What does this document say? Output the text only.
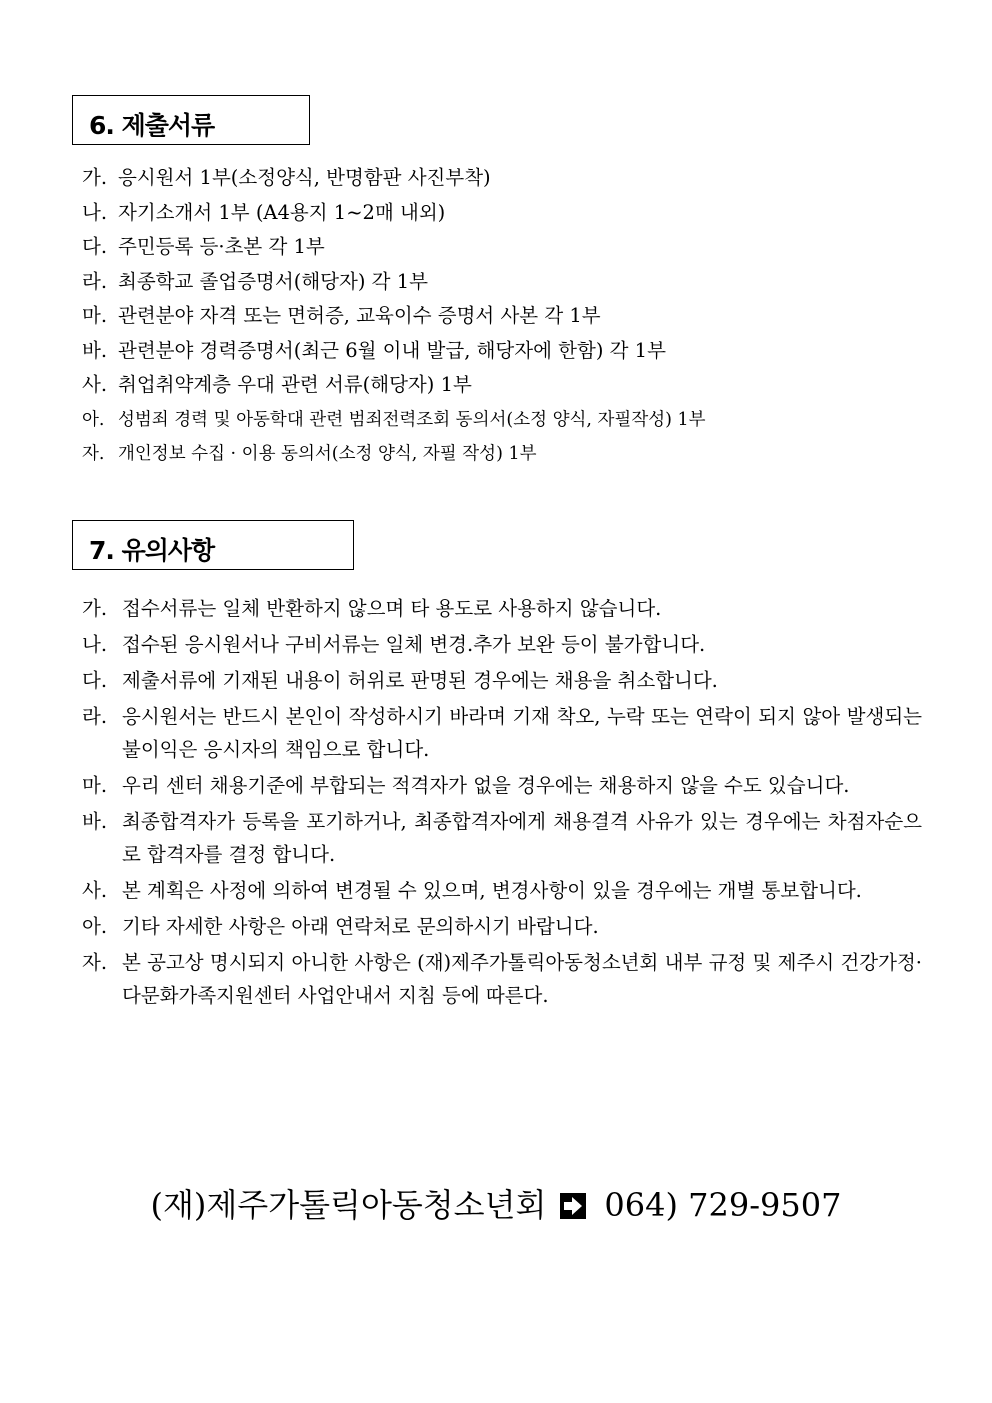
6. 제출서류
가. 응시원서 1부(소정양식, 반명함판 사진부착)
나. 자기소개서 1부 (A4용지 1~2매 내외)
다. 주민등록 등·초본 각 1부
라. 최종학교 졸업증명서(해당자) 각 1부
마. 관련분야 자격 또는 면허증, 교육이수 증명서 사본 각 1부
바. 관련분야 경력증명서(최근 6월 이내 발급, 해당자에 한함) 각 1부
사. 취업취약계층 우대 관련 서류(해당자) 1부
아. 성범죄 경력 및 아동학대 관련 범죄전력조회 동의서(소정 양식, 자필작성) 1부
자. 개인정보 수집 · 이용 동의서(소정 양식, 자필 작성) 1부
7. 유의사항
가. 접수서류는 일체 반환하지 않으며 타 용도로 사용하지 않습니다.
나. 접수된 응시원서나 구비서류는 일체 변경.추가 보완 등이 불가합니다.
다. 제출서류에 기재된 내용이 허위로 판명된 경우에는 채용을 취소합니다.
라. 응시원서는 반드시 본인이 작성하시기 바라며 기재 착오, 누락 또는 연락이 되지 않아 발생되는 불이익은 응시자의 책임으로 합니다.
마. 우리 센터 채용기준에 부합되는 적격자가 없을 경우에는 채용하지 않을 수도 있습니다.
바. 최종합격자가 등록을 포기하거나, 최종합격자에게 채용결격 사유가 있는 경우에는 차점자순으로 합격자를 결정 합니다.
사. 본 계획은 사정에 의하여 변경될 수 있으며, 변경사항이 있을 경우에는 개별 통보합니다.
아. 기타 자세한 사항은 아래 연락처로 문의하시기 바랍니다.
자. 본 공고상 명시되지 아니한 사항은 (재)제주가톨릭아동청소년회 내부 규정 및 제주시 건강가정·다문화가족지원센터 사업안내서 지침 등에 따른다.
(재)제주가톨릭아동청소년회 064) 729-9507
